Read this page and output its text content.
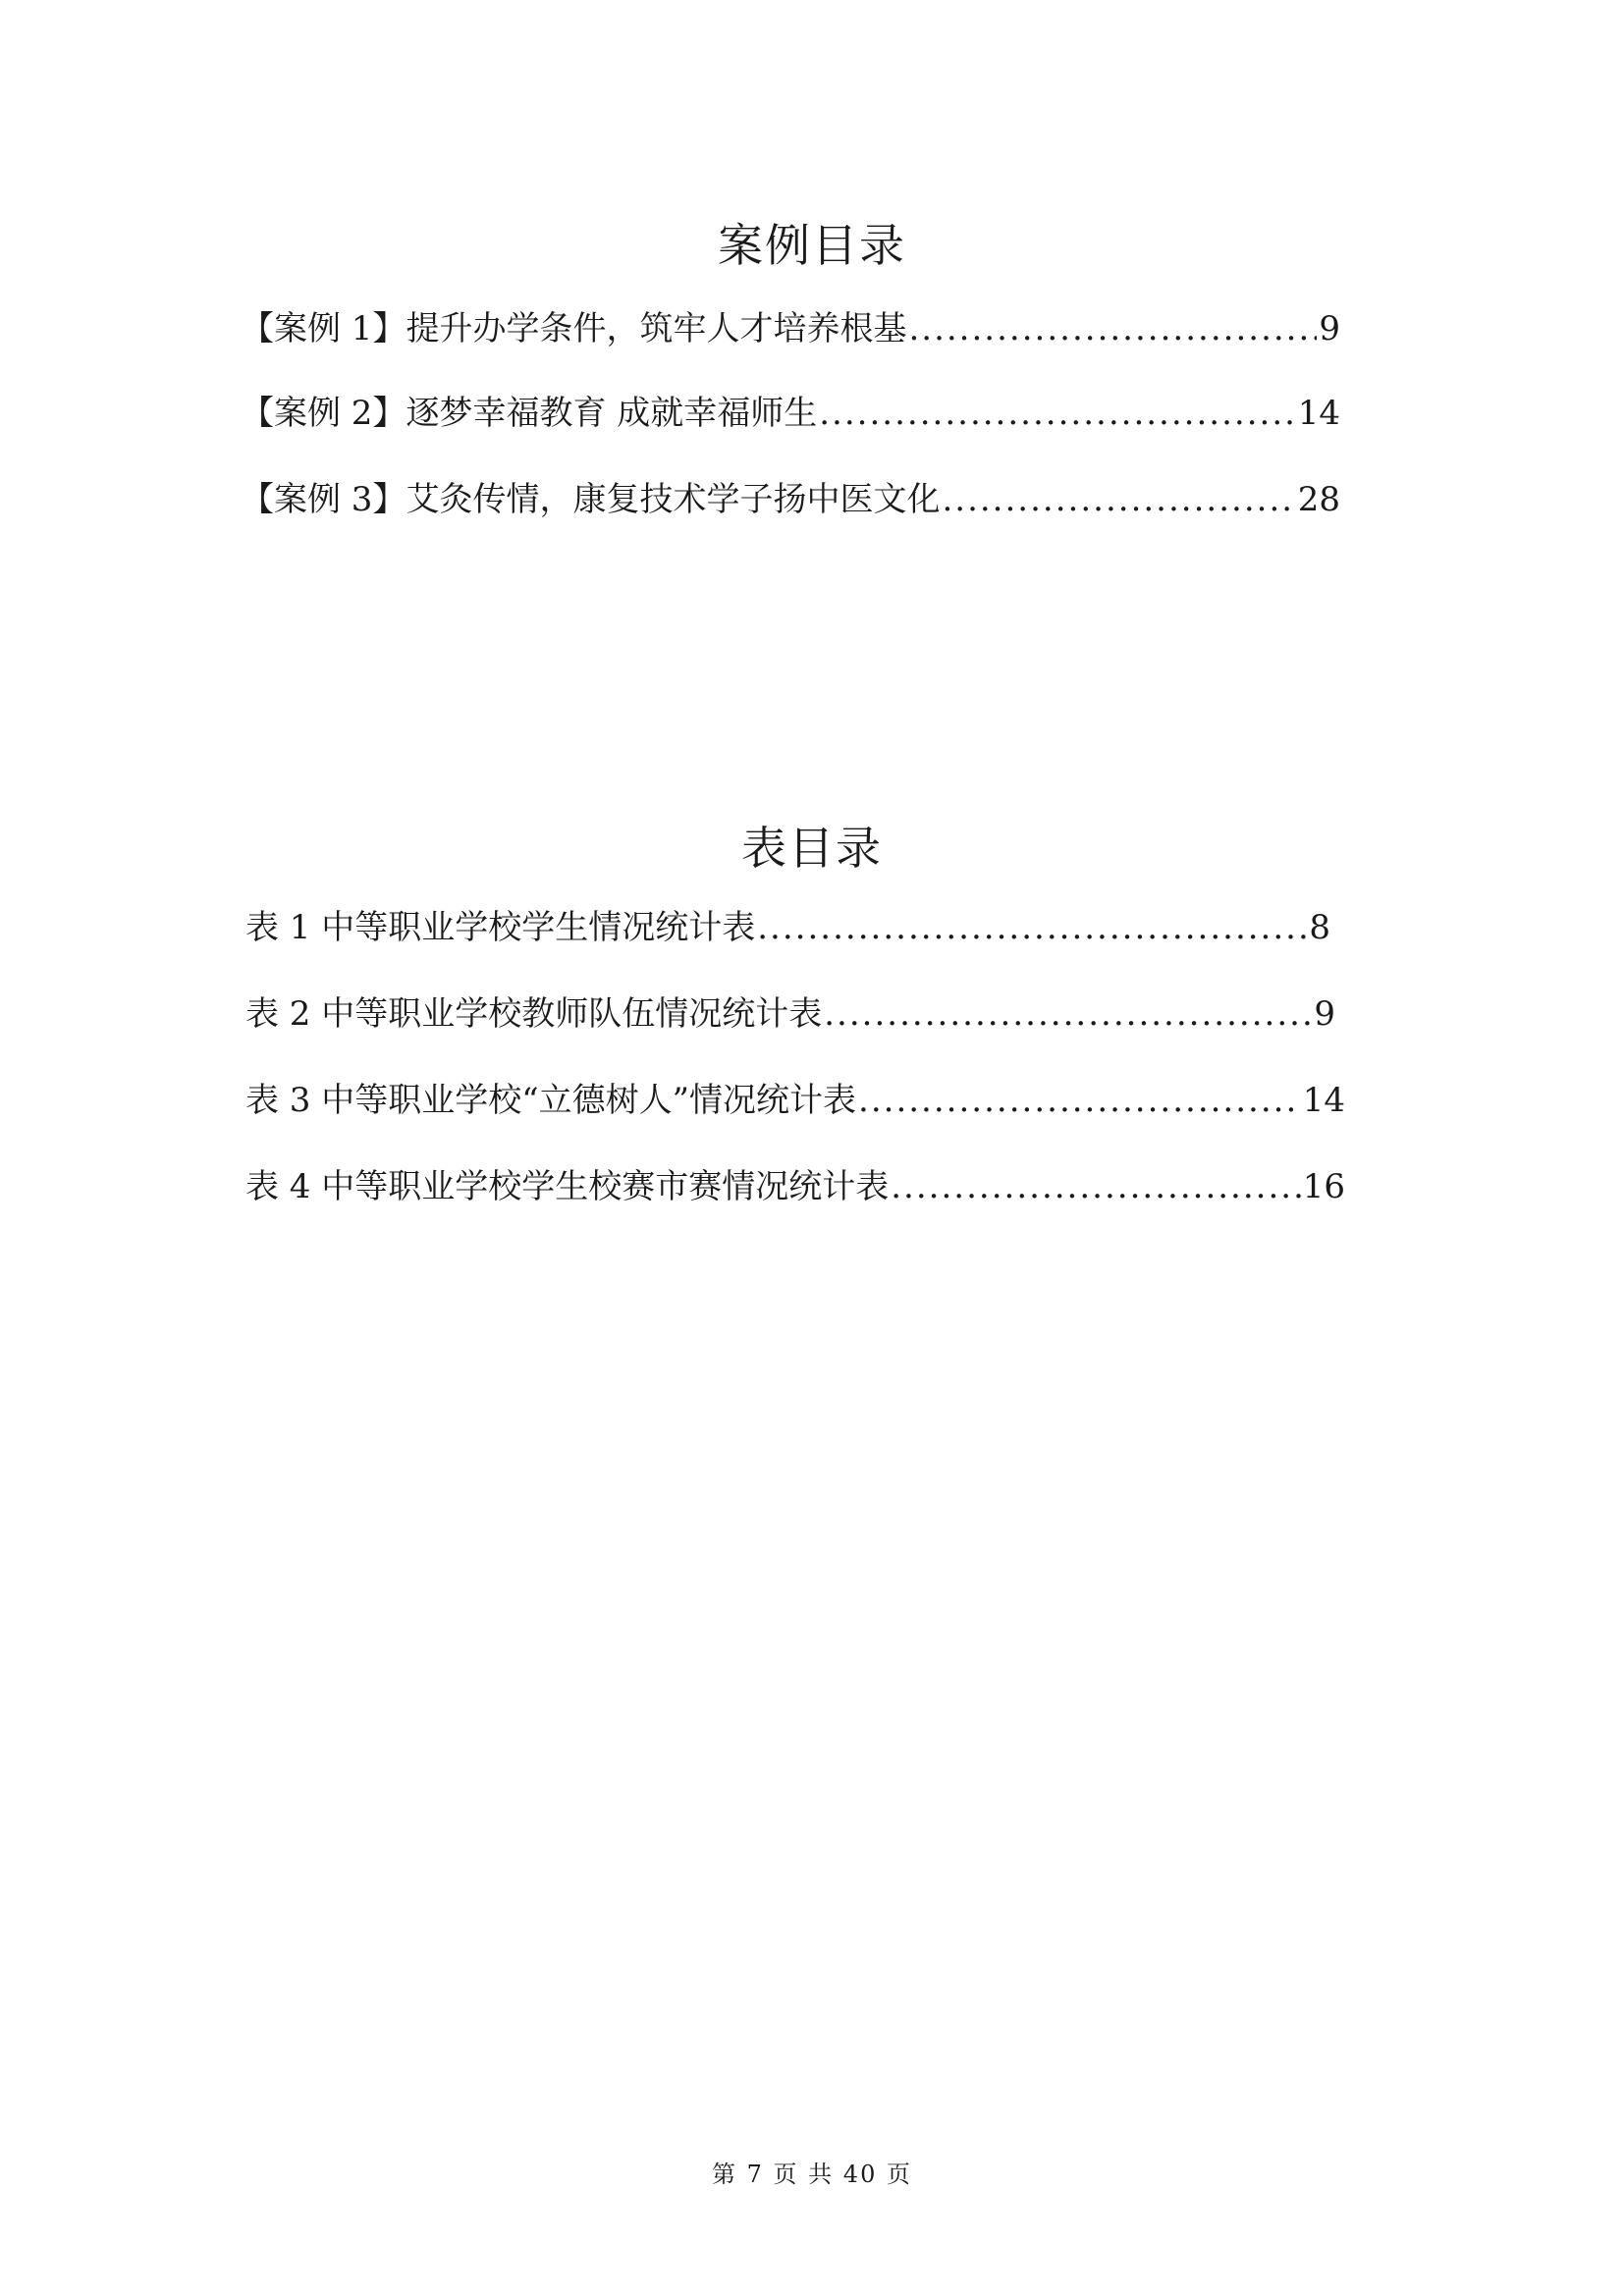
案例目录
【案例 1】提升办学条件，筑牢人才培养根基 .....	9
【案例 2】逐梦幸福教育 成就幸福师生 .....	14
【案例 3】艾灸传情，康复技术学子扬中医文化 .....	28
表目录
表 1 中等职业学校学生情况统计表 .....	8
表 2 中等职业学校教师队伍情况统计表 .....	9
表 3 中等职业学校“立德树人”情况统计表 .....	14
表 4 中等职业学校学生校赛市赛情况统计表 .....	16
第 7 页 共 40 页
